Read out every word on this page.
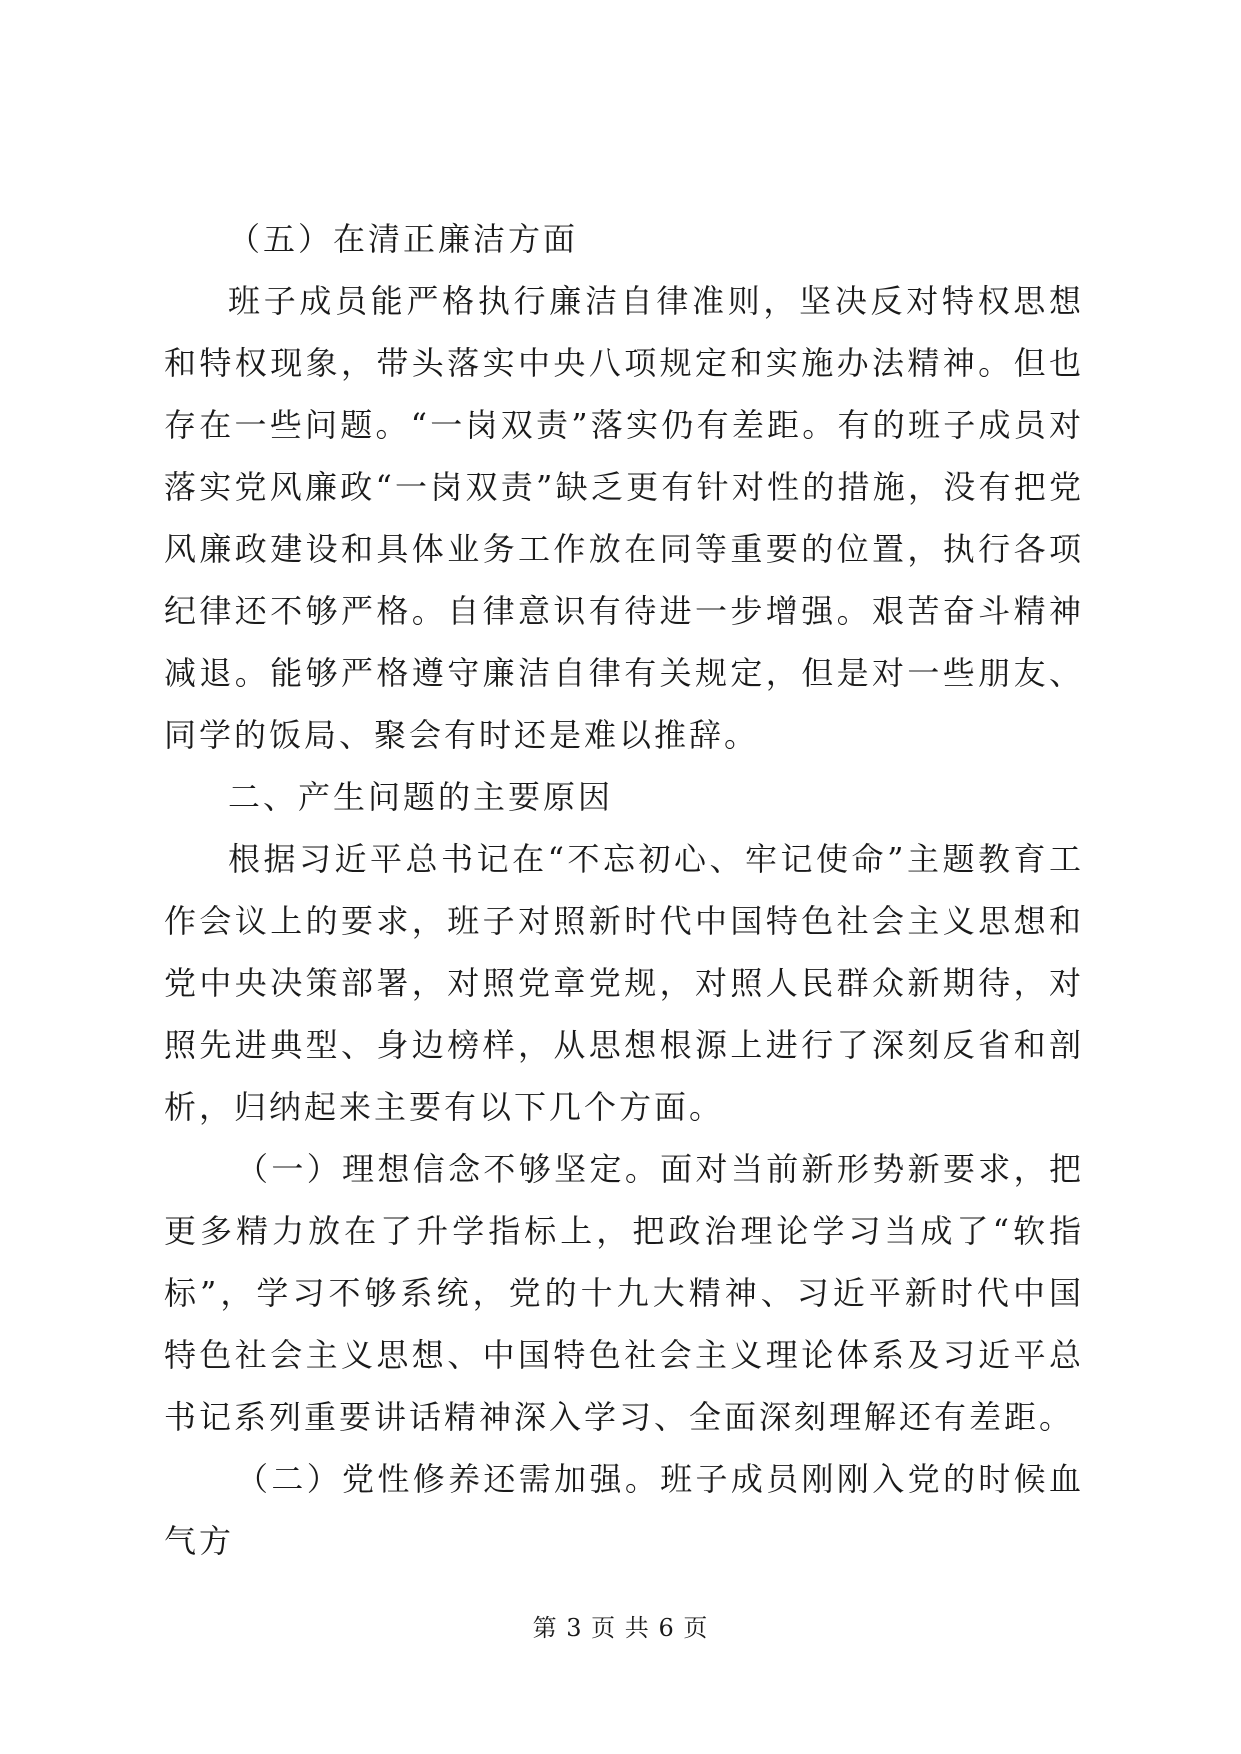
（五）在清正廉洁方面

班子成员能严格执行廉洁自律准则，坚决反对特权思想和特权现象，带头落实中央八项规定和实施办法精神。但也存在一些问题。“一岗双责”落实仍有差距。有的班子成员对落实党风廉政“一岗双责”缺乏更有针对性的措施，没有把党风廉政建设和具体业务工作放在同等重要的位置，执行各项纪律还不够严格。自律意识有待进一步增强。艰苦奋斗精神减退。能够严格遵守廉洁自律有关规定，但是对一些朋友、同学的饭局、聚会有时还是难以推辞。

二、产生问题的主要原因

根据习近平总书记在“不忘初心、牢记使命”主题教育工作会议上的要求，班子对照新时代中国特色社会主义思想和党中央决策部署，对照党章党规，对照人民群众新期待，对照先进典型、身边榜样，从思想根源上进行了深刻反省和剖析，归纳起来主要有以下几个方面。

（一）理想信念不够坚定。面对当前新形势新要求，把更多精力放在了升学指标上，把政治理论学习当成了“软指标”，学习不够系统，党的十九大精神、习近平新时代中国特色社会主义思想、中国特色社会主义理论体系及习近平总书记系列重要讲话精神深入学习、全面深刻理解还有差距。

（二）党性修养还需加强。班子成员刚刚入党的时候血气方

第 3 页 共 6 页
